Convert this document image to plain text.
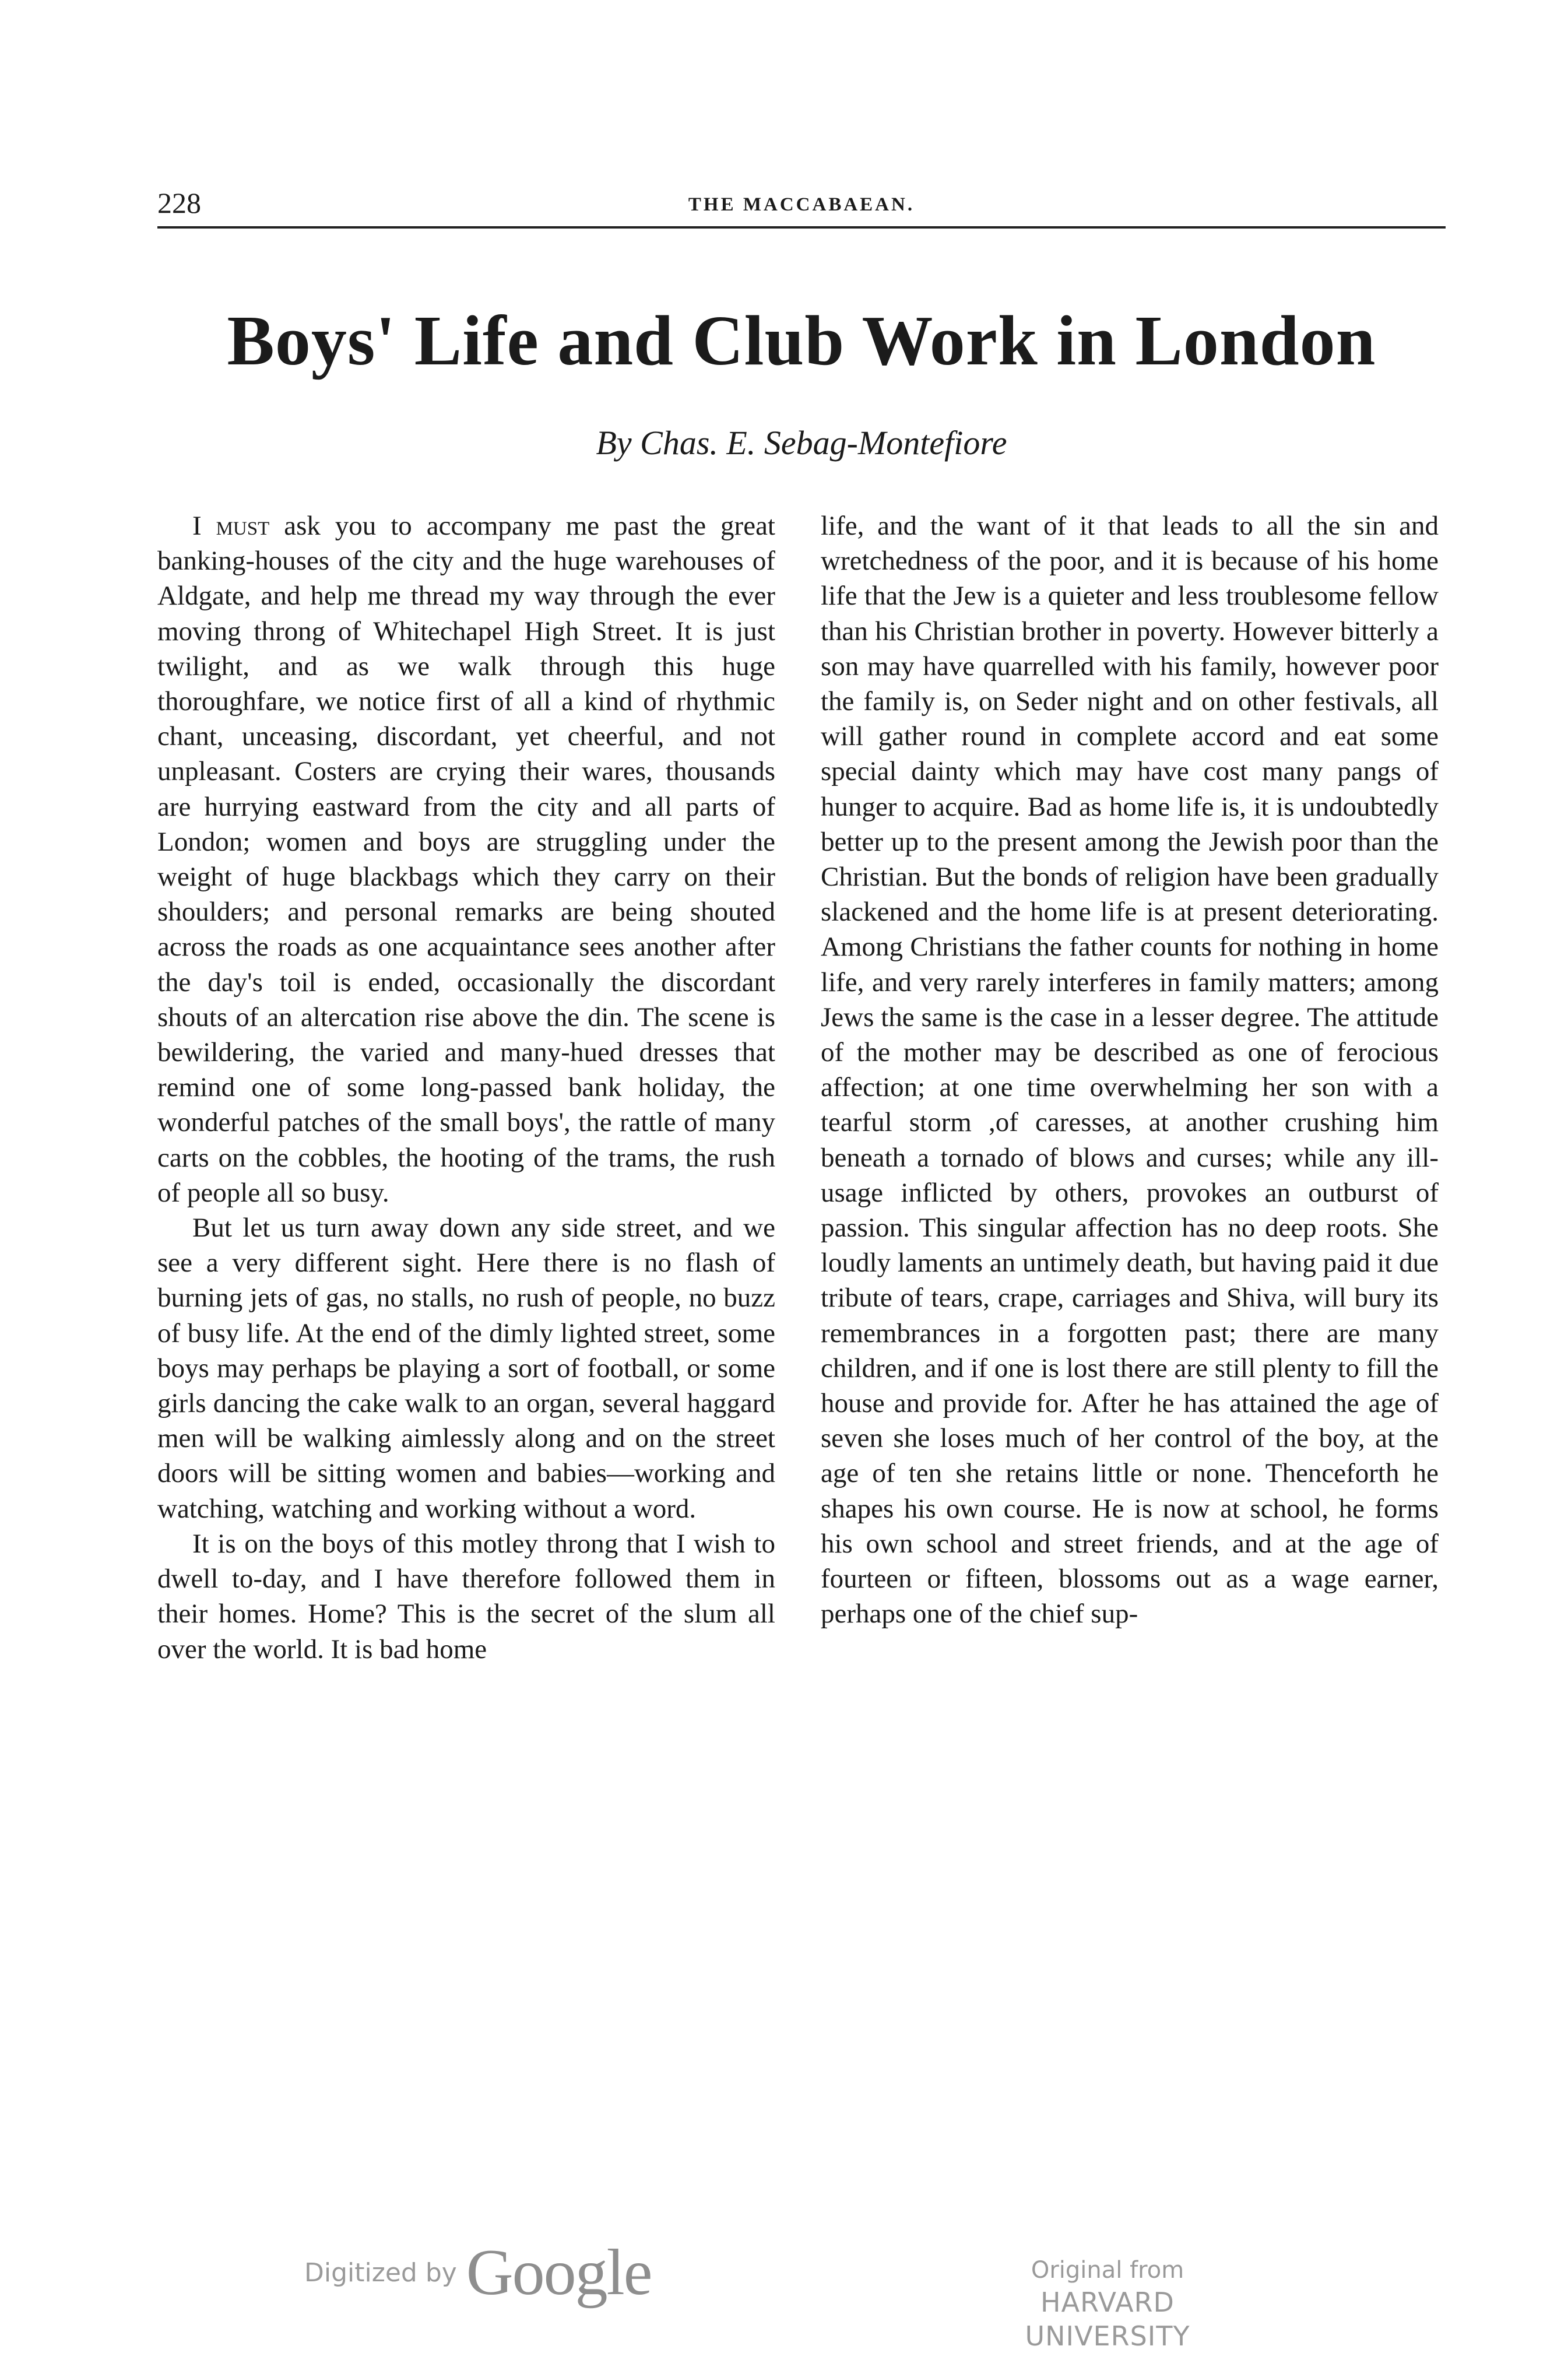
228	THE MACCABAEAN.
Boys' Life and Club Work in London
By Chas. E. Sebag-Montefiore

I must ask you to accompany me past the great banking-houses of the city and the huge warehouses of Aldgate, and help me thread my way through the ever moving throng of Whitechapel High Street. It is just twilight, and as we walk through this huge thoroughfare, we notice first of all a kind of rhythmic chant, unceasing, discordant, yet cheerful, and not unpleasant. Costers are crying their wares, thousands are hurrying eastward from the city and all parts of London; women and boys are struggling under the weight of huge blackbags which they carry on their shoulders; and personal remarks are being shouted across the roads as one acquaintance sees another after the day's toil is ended, occasionally the discordant shouts of an altercation rise above the din. The scene is bewildering, the varied and many-hued dresses that remind one of some long-passed bank holiday, the wonderful patches of the small boys', the rattle of many carts on the cobbles, the hooting of the trams, the rush of people all so busy.

But let us turn away down any side street, and we see a very different sight. Here there is no flash of burning jets of gas, no stalls, no rush of people, no buzz of busy life. At the end of the dimly lighted street, some boys may perhaps be playing a sort of football, or some girls dancing the cake walk to an organ, several haggard men will be walking aimlessly along and on the street doors will be sitting women and babies—working and watching, watching and working without a word.

It is on the boys of this motley throng that I wish to dwell to-day, and I have therefore followed them in their homes. Home? This is the secret of the slum all over the world. It is bad home

life, and the want of it that leads to all the sin and wretchedness of the poor, and it is because of his home life that the Jew is a quieter and less troublesome fellow than his Christian brother in poverty. However bitterly a son may have quarrelled with his family, however poor the family is, on Seder night and on other festivals, all will gather round in complete accord and eat some special dainty which may have cost many pangs of hunger to acquire. Bad as home life is, it is undoubtedly better up to the present among the Jewish poor than the Christian. But the bonds of religion have been gradually slackened and the home life is at present deteriorating. Among Christians the father counts for nothing in home life, and very rarely interferes in family matters; among Jews the same is the case in a lesser degree. The attitude of the mother may be described as one of ferocious affection; at one time overwhelming her son with a tearful storm ,of caresses, at another crushing him beneath a tornado of blows and curses; while any ill-usage inflicted by others, provokes an outburst of passion. This singular affection has no deep roots. She loudly laments an untimely death, but having paid it due tribute of tears, crape, carriages and Shiva, will bury its remembrances in a forgotten past; there are many children, and if one is lost there are still plenty to fill the house and provide for. After he has attained the age of seven she loses much of her control of the boy, at the age of ten she retains little or none. Thenceforth he shapes his own course. He is now at school, he forms his own school and street friends, and at the age of fourteen or fifteen, blossoms out as a wage earner, perhaps one of the chief sup-

Digitized by Google	Original from
HARVARD UNIVERSITY
